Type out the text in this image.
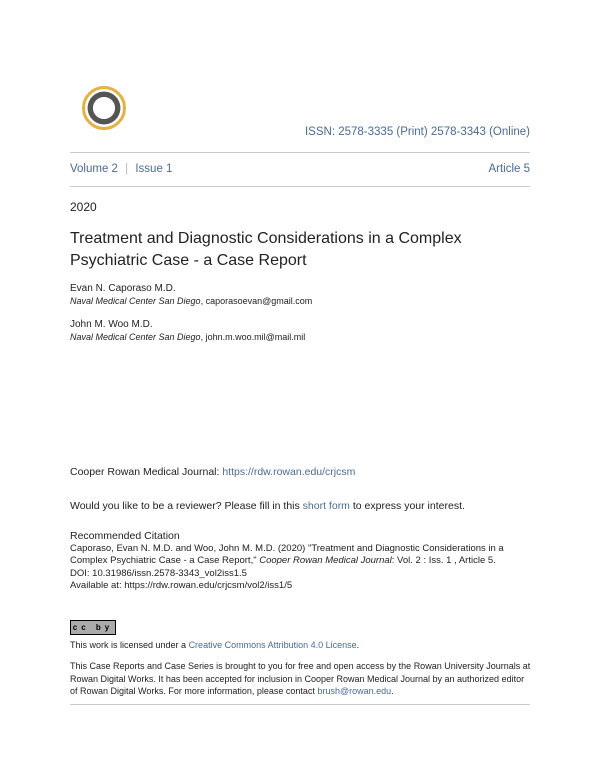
ISSN: 2578-3335 (Print) 2578-3343 (Online)
Volume 2 | Issue 1	Article 5
2020
Treatment and Diagnostic Considerations in a Complex Psychiatric Case - a Case Report
Evan N. Caporaso M.D.
Naval Medical Center San Diego, caporasoevan@gmail.com
John M. Woo M.D.
Naval Medical Center San Diego, john.m.woo.mil@mail.mil
Cooper Rowan Medical Journal: https://rdw.rowan.edu/crjcsm
Would you like to be a reviewer? Please fill in this short form to express your interest.
Recommended Citation
Caporaso, Evan N. M.D. and Woo, John M. M.D. (2020) "Treatment and Diagnostic Considerations in a Complex Psychiatric Case - a Case Report," Cooper Rowan Medical Journal: Vol. 2 : Iss. 1 , Article 5.
DOI: 10.31986/issn.2578-3343_vol2iss1.5
Available at: https://rdw.rowan.edu/crjcsm/vol2/iss1/5
cc by
This work is licensed under a Creative Commons Attribution 4.0 License.
This Case Reports and Case Series is brought to you for free and open access by the Rowan University Journals at Rowan Digital Works. It has been accepted for inclusion in Cooper Rowan Medical Journal by an authorized editor of Rowan Digital Works. For more information, please contact brush@rowan.edu.
